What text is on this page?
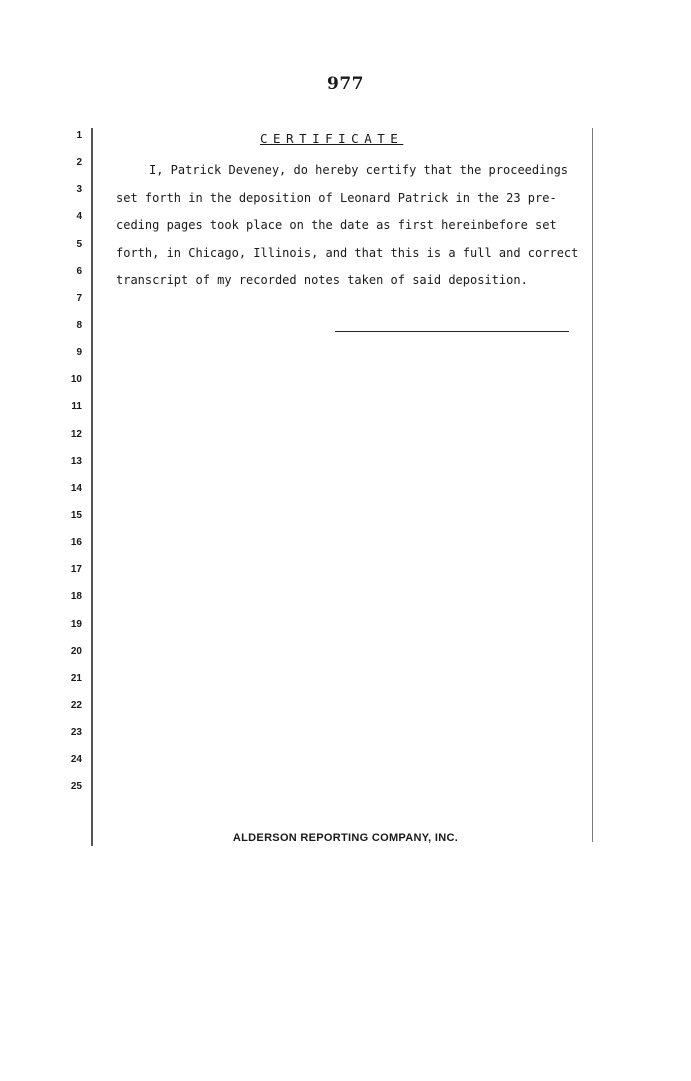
977
1
2
3
4
5
6
7
8
9
10
11
12
13
14
15
16
17
18
19
20
21
22
23
24
25
CERTIFICATE
I, Patrick Deveney, do hereby certify that the proceedings
set forth in the deposition of Leonard Patrick in the 23 pre-
ceding pages took place on the date as first hereinbefore set
forth, in Chicago, Illinois, and that this is a full and correct
transcript of my recorded notes taken of said deposition.
ALDERSON REPORTING COMPANY, INC.
